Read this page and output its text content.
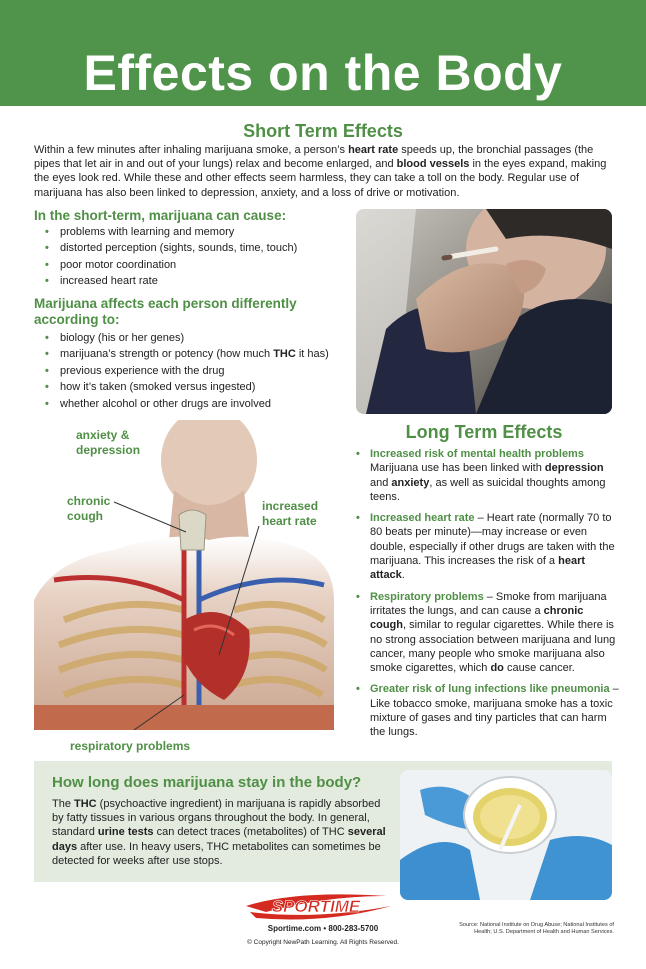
Effects on the Body
Short Term Effects

Within a few minutes after inhaling marijuana smoke, a person’s heart rate speeds up, the bronchial passages (the pipes that let air in and out of your lungs) relax and become enlarged, and blood vessels in the eyes expand, making the eyes look red. While these and other effects seem harmless, they can take a toll on the body. Regular use of marijuana has also been linked to depression, anxiety, and a loss of drive or motivation.

In the short-term, marijuana can cause:
• problems with learning and memory
• distorted perception (sights, sounds, time, touch)
• poor motor coordination
• increased heart rate
Marijuana affects each person differently according to:
• biology (his or her genes)
• marijuana’s strength or potency (how much THC it has)
• previous experience with the drug
• how it’s taken (smoked versus ingested)
• whether alcohol or other drugs are involved
anxiety & depression
chronic cough
increased heart rate
respiratory problems
Long Term Effects
• Increased risk of mental health problems Marijuana use has been linked with depression and anxiety, as well as suicidal thoughts among teens.
• Increased heart rate – Heart rate (normally 70 to 80 beats per minute)—may increase or even double, especially if other drugs are taken with the marijuana. This increases the risk of a heart attack.
• Respiratory problems – Smoke from marijuana irritates the lungs, and can cause a chronic cough, similar to regular cigarettes. While there is no strong association between marijuana and lung cancer, many people who smoke marijuana also smoke cigarettes, which do cause cancer.
• Greater risk of lung infections like pneumonia – Like tobacco smoke, marijuana smoke has a toxic mixture of gases and tiny particles that can harm the lungs.
How long does marijuana stay in the body?

The THC (psychoactive ingredient) in marijuana is rapidly absorbed by fatty tissues in various organs throughout the body. In general, standard urine tests can detect traces (metabolites) of THC several days after use. In heavy users, THC metabolites can sometimes be detected for weeks after use stops.

SPORTIME
Sportime.com • 800-283-5700
© Copyright NewPath Learning. All Rights Reserved.
Source: National Institute on Drug Abuse; National Institutes of Health; U.S. Department of Health and Human Services.
